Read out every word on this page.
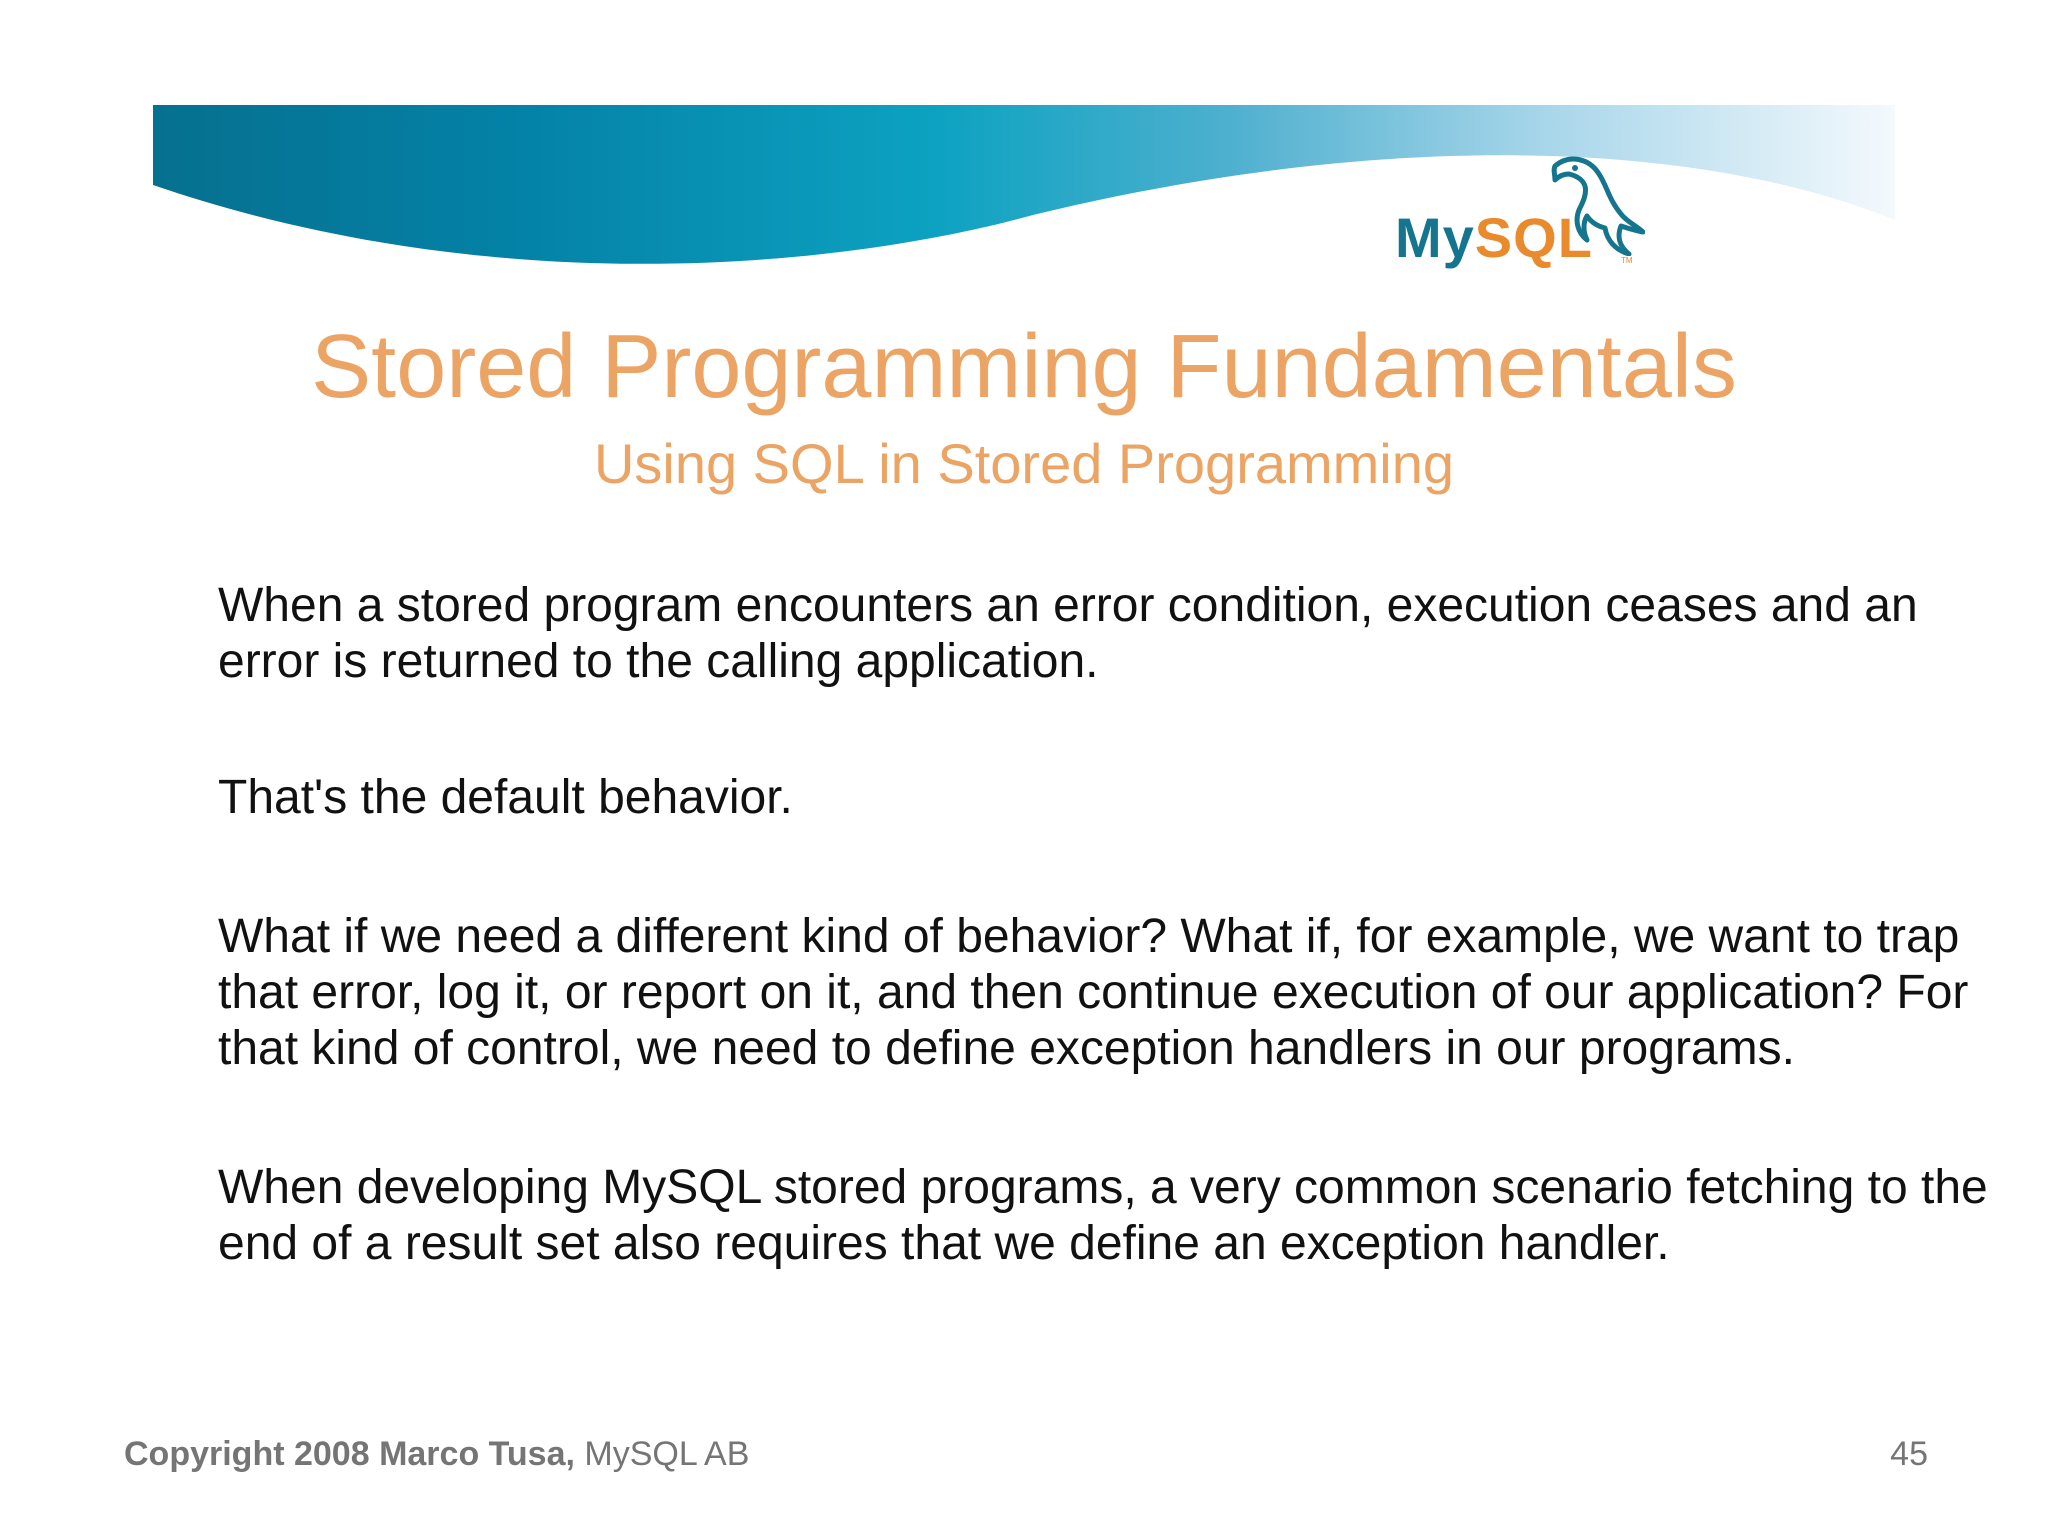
MySQL	TM
Stored Programming Fundamentals
Using SQL in Stored Programming

When a stored program encounters an error condition, execution ceases and an error is returned to the calling application.

That's the default behavior.

What if we need a different kind of behavior? What if, for example, we want to trap that error, log it, or report on it, and then continue execution of our application? For that kind of control, we need to define exception handlers in our programs.

When developing MySQL stored programs, a very common scenario fetching to the end of a result set also requires that we define an exception handler.

Copyright 2008 Marco Tusa, MySQL AB	45
